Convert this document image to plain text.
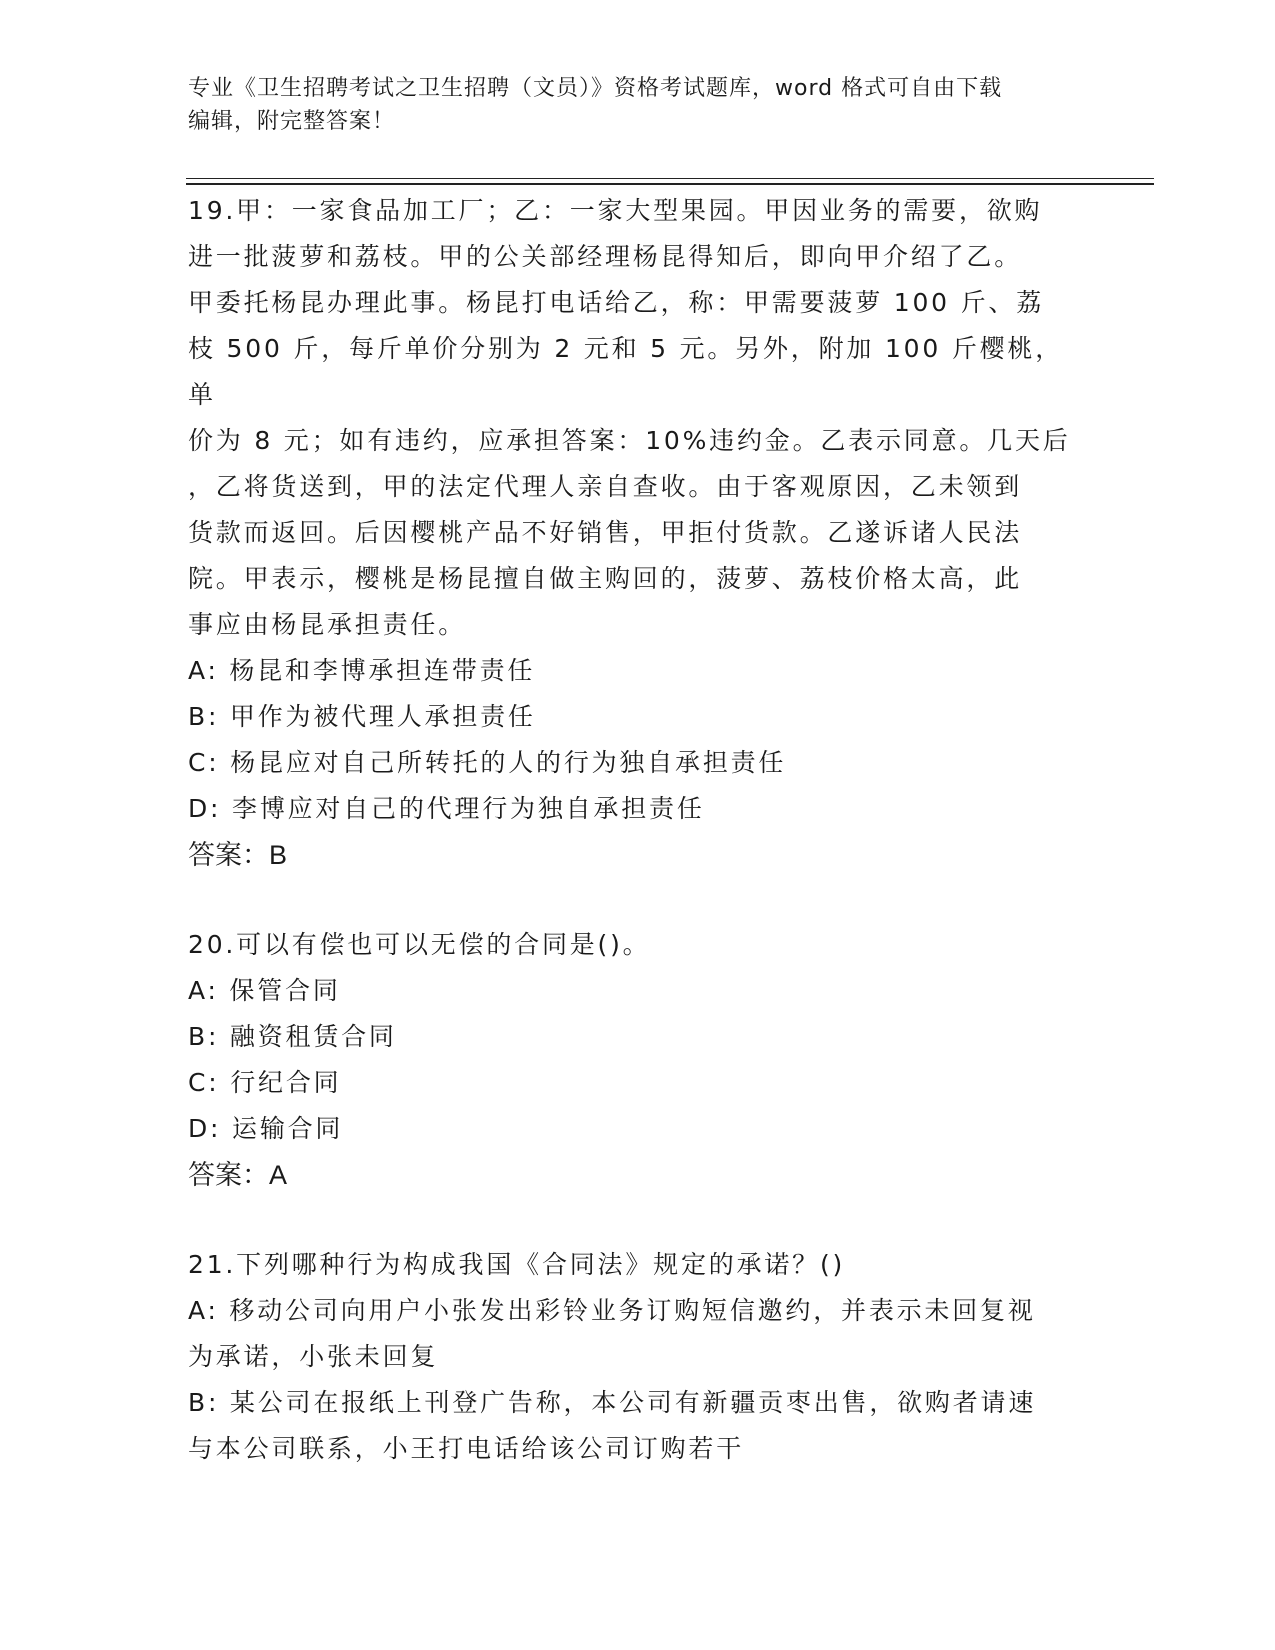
专业《卫生招聘考试之卫生招聘（文员）》资格考试题库，word 格式可自由下载
编辑，附完整答案！

19.甲：一家食品加工厂；乙：一家大型果园。甲因业务的需要，欲购

进一批菠萝和荔枝。甲的公关部经理杨昆得知后，即向甲介绍了乙。

甲委托杨昆办理此事。杨昆打电话给乙，称：甲需要菠萝 100 斤、荔

枝 500 斤，每斤单价分别为 2 元和 5 元。另外，附加 100 斤樱桃，单

价为 8 元；如有违约，应承担答案：10%违约金。乙表示同意。几天后

，乙将货送到，甲的法定代理人亲自查收。由于客观原因，乙未领到

货款而返回。后因樱桃产品不好销售，甲拒付货款。乙遂诉诸人民法

院。甲表示，樱桃是杨昆擅自做主购回的，菠萝、荔枝价格太高，此

事应由杨昆承担责任。

A: 杨昆和李博承担连带责任

B: 甲作为被代理人承担责任

C: 杨昆应对自己所转托的人的行为独自承担责任

D: 李博应对自己的代理行为独自承担责任

答案：B

20.可以有偿也可以无偿的合同是()。

A: 保管合同

B: 融资租赁合同

C: 行纪合同

D: 运输合同

答案：A

21.下列哪种行为构成我国《合同法》规定的承诺？()

A: 移动公司向用户小张发出彩铃业务订购短信邀约，并表示未回复视

为承诺，小张未回复

B: 某公司在报纸上刊登广告称，本公司有新疆贡枣出售，欲购者请速

与本公司联系，小王打电话给该公司订购若干
